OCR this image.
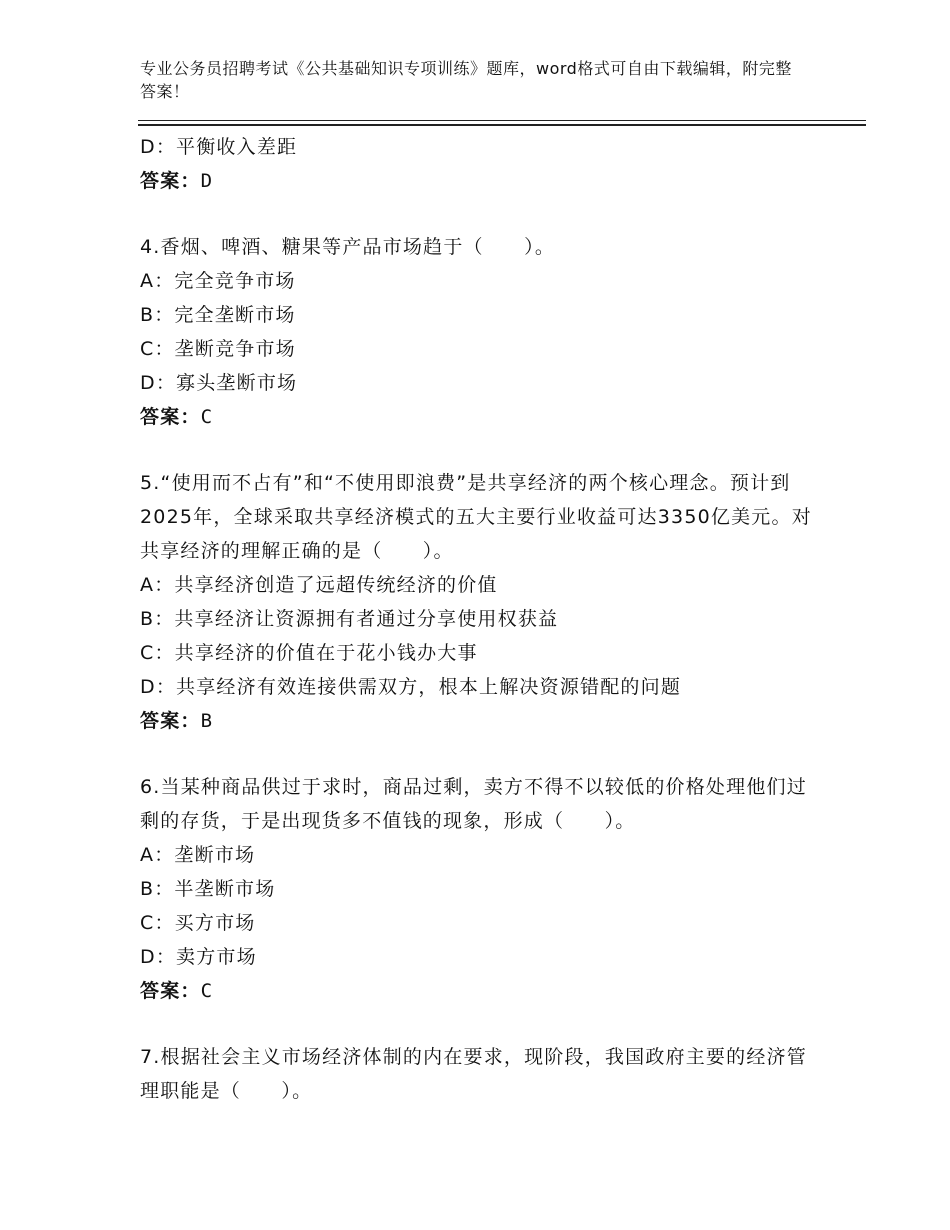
专业公务员招聘考试《公共基础知识专项训练》题库，word格式可自由下载编辑，附完整答案！

D：平衡收入差距

答案：D

4.香烟、啤酒、糖果等产品市场趋于（　　）。

A：完全竞争市场

B：完全垄断市场

C：垄断竞争市场

D：寡头垄断市场

答案：C

5.“使用而不占有”和“不使用即浪费”是共享经济的两个核心理念。预计到2025年，全球采取共享经济模式的五大主要行业收益可达3350亿美元。对共享经济的理解正确的是（　　）。

A：共享经济创造了远超传统经济的价值

B：共享经济让资源拥有者通过分享使用权获益

C：共享经济的价值在于花小钱办大事

D：共享经济有效连接供需双方，根本上解决资源错配的问题

答案：B

6.当某种商品供过于求时，商品过剩，卖方不得不以较低的价格处理他们过剩的存货，于是出现货多不值钱的现象，形成（　　）。

A：垄断市场

B：半垄断市场

C：买方市场

D：卖方市场

答案：C

7.根据社会主义市场经济体制的内在要求，现阶段，我国政府主要的经济管理职能是（　　）。
